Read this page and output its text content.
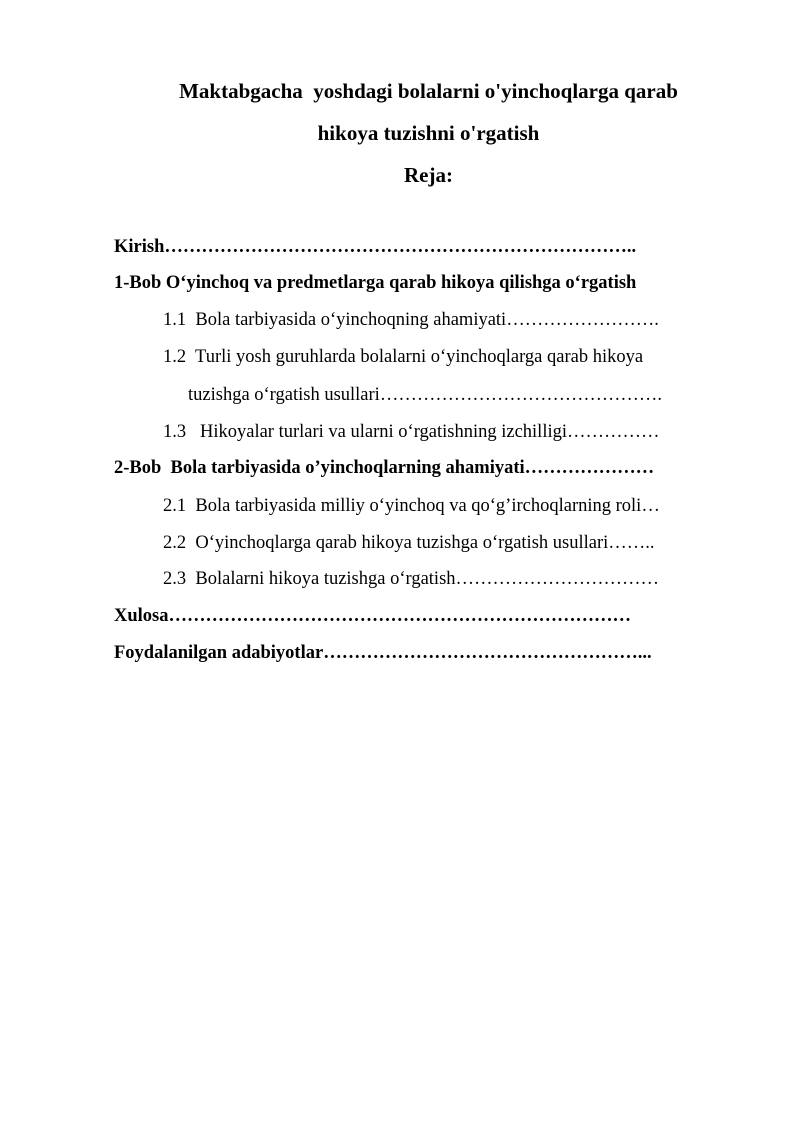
Maktabgacha  yoshdagi bolalarni o'yinchoqlarga qarab
hikoya tuzishni o'rgatish
Reja:
Kirish…………………………………………………………………..
1-Bob O‘yinchoq va predmetlarga qarab hikoya qilishga o‘rgatish
1.1  Bola tarbiyasida o‘yinchoqning ahamiyati…………………….
1.2  Turli yosh guruhlarda bolalarni o‘yinchoqlarga qarab hikoya
tuzishga o‘rgatish usullari……………………………………….
1.3   Hikoyalar turlari va ularni o‘rgatishning izchilligi……………
2-Bob  Bola tarbiyasida o’yinchoqlarning ahamiyati…………………
2.1  Bola tarbiyasida milliy o‘yinchoq va qo‘g’irchoqlarning roli…
2.2  O‘yinchoqlarga qarab hikoya tuzishga o‘rgatish usullari……..
2.3  Bolalarni hikoya tuzishga o‘rgatish……………………………
Xulosa…………………………………………………………………
Foydalanilgan adabiyotlar……………………………………………...
